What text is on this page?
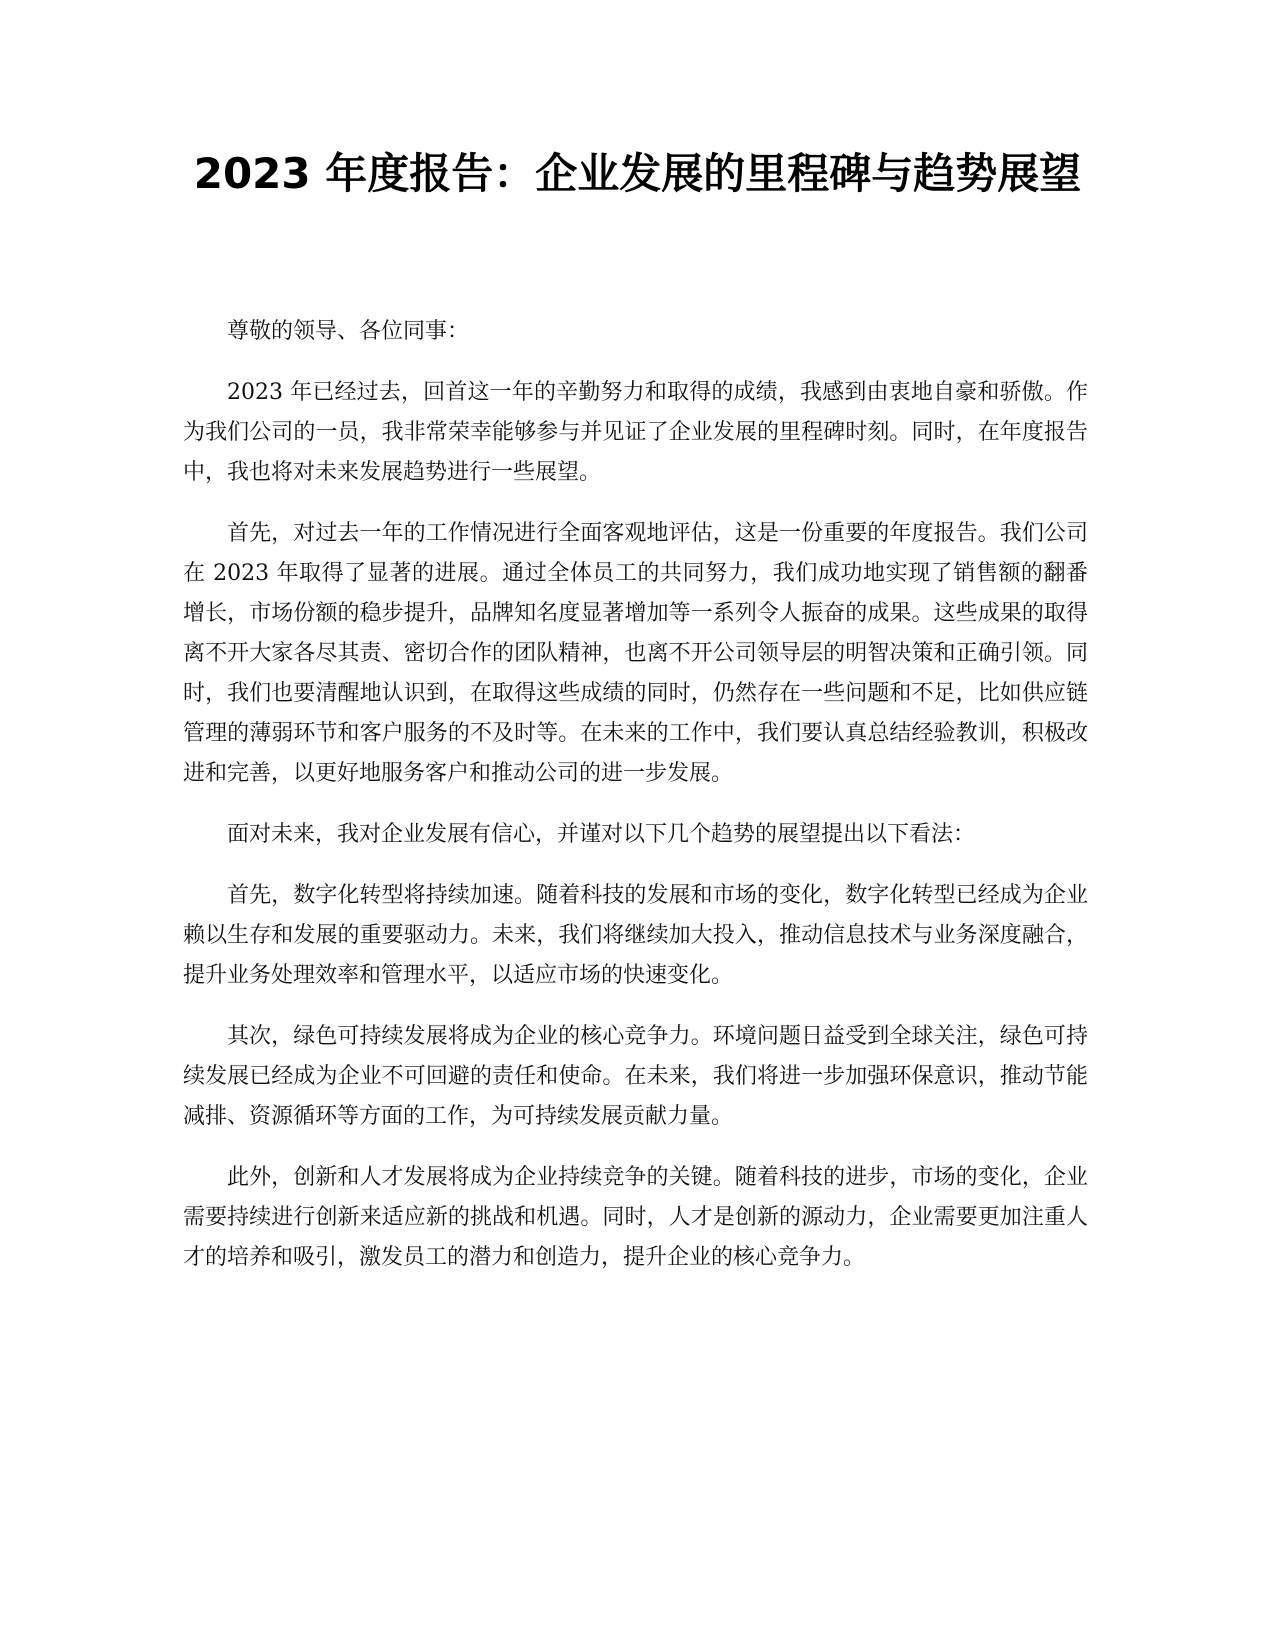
2023 年度报告：企业发展的里程碑与趋势展望

尊敬的领导、各位同事：

2023 年已经过去，回首这一年的辛勤努力和取得的成绩，我感到由衷地自豪和骄傲。作为我们公司的一员，我非常荣幸能够参与并见证了企业发展的里程碑时刻。同时，在年度报告中，我也将对未来发展趋势进行一些展望。

首先，对过去一年的工作情况进行全面客观地评估，这是一份重要的年度报告。我们公司在 2023 年取得了显著的进展。通过全体员工的共同努力，我们成功地实现了销售额的翻番增长，市场份额的稳步提升，品牌知名度显著增加等一系列令人振奋的成果。这些成果的取得离不开大家各尽其责、密切合作的团队精神，也离不开公司领导层的明智决策和正确引领。同时，我们也要清醒地认识到，在取得这些成绩的同时，仍然存在一些问题和不足，比如供应链管理的薄弱环节和客户服务的不及时等。在未来的工作中，我们要认真总结经验教训，积极改进和完善，以更好地服务客户和推动公司的进一步发展。

面对未来，我对企业发展有信心，并谨对以下几个趋势的展望提出以下看法：

首先，数字化转型将持续加速。随着科技的发展和市场的变化，数字化转型已经成为企业赖以生存和发展的重要驱动力。未来，我们将继续加大投入，推动信息技术与业务深度融合，提升业务处理效率和管理水平，以适应市场的快速变化。

其次，绿色可持续发展将成为企业的核心竞争力。环境问题日益受到全球关注，绿色可持续发展已经成为企业不可回避的责任和使命。在未来，我们将进一步加强环保意识，推动节能减排、资源循环等方面的工作，为可持续发展贡献力量。

此外，创新和人才发展将成为企业持续竞争的关键。随着科技的进步，市场的变化，企业需要持续进行创新来适应新的挑战和机遇。同时，人才是创新的源动力，企业需要更加注重人才的培养和吸引，激发员工的潜力和创造力，提升企业的核心竞争力。
